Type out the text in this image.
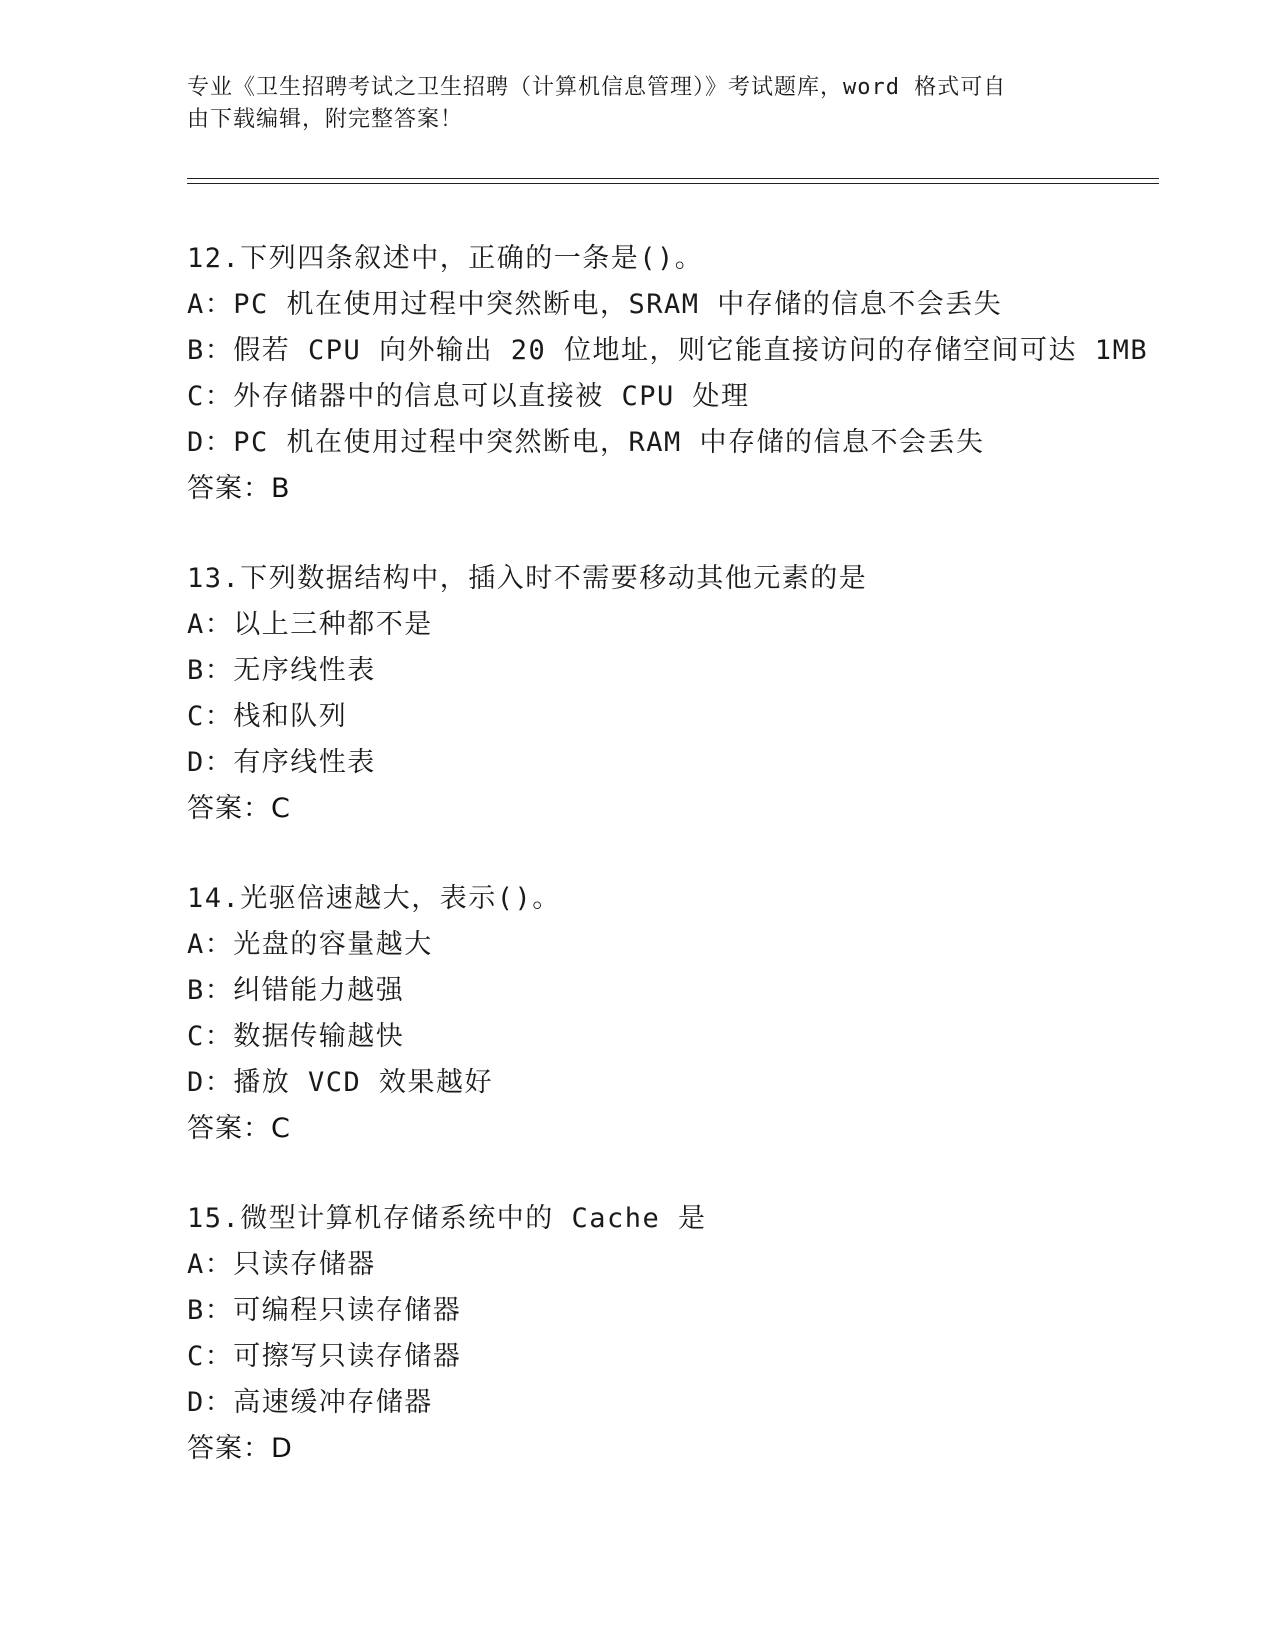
专业《卫生招聘考试之卫生招聘（计算机信息管理）》考试题库，word 格式可自

由下载编辑，附完整答案！

12.下列四条叙述中，正确的一条是()。

A：PC 机在使用过程中突然断电，SRAM 中存储的信息不会丢失

B：假若 CPU 向外输出 20 位地址，则它能直接访问的存储空间可达 1MB

C：外存储器中的信息可以直接被 CPU 处理

D：PC 机在使用过程中突然断电，RAM 中存储的信息不会丢失

答案：B

13.下列数据结构中，插入时不需要移动其他元素的是

A：以上三种都不是

B：无序线性表

C：栈和队列

D：有序线性表

答案：C

14.光驱倍速越大，表示()。

A：光盘的容量越大

B：纠错能力越强

C：数据传输越快

D：播放 VCD 效果越好

答案：C

15.微型计算机存储系统中的 Cache 是

A：只读存储器

B：可编程只读存储器

C：可擦写只读存储器

D：高速缓冲存储器

答案：D
